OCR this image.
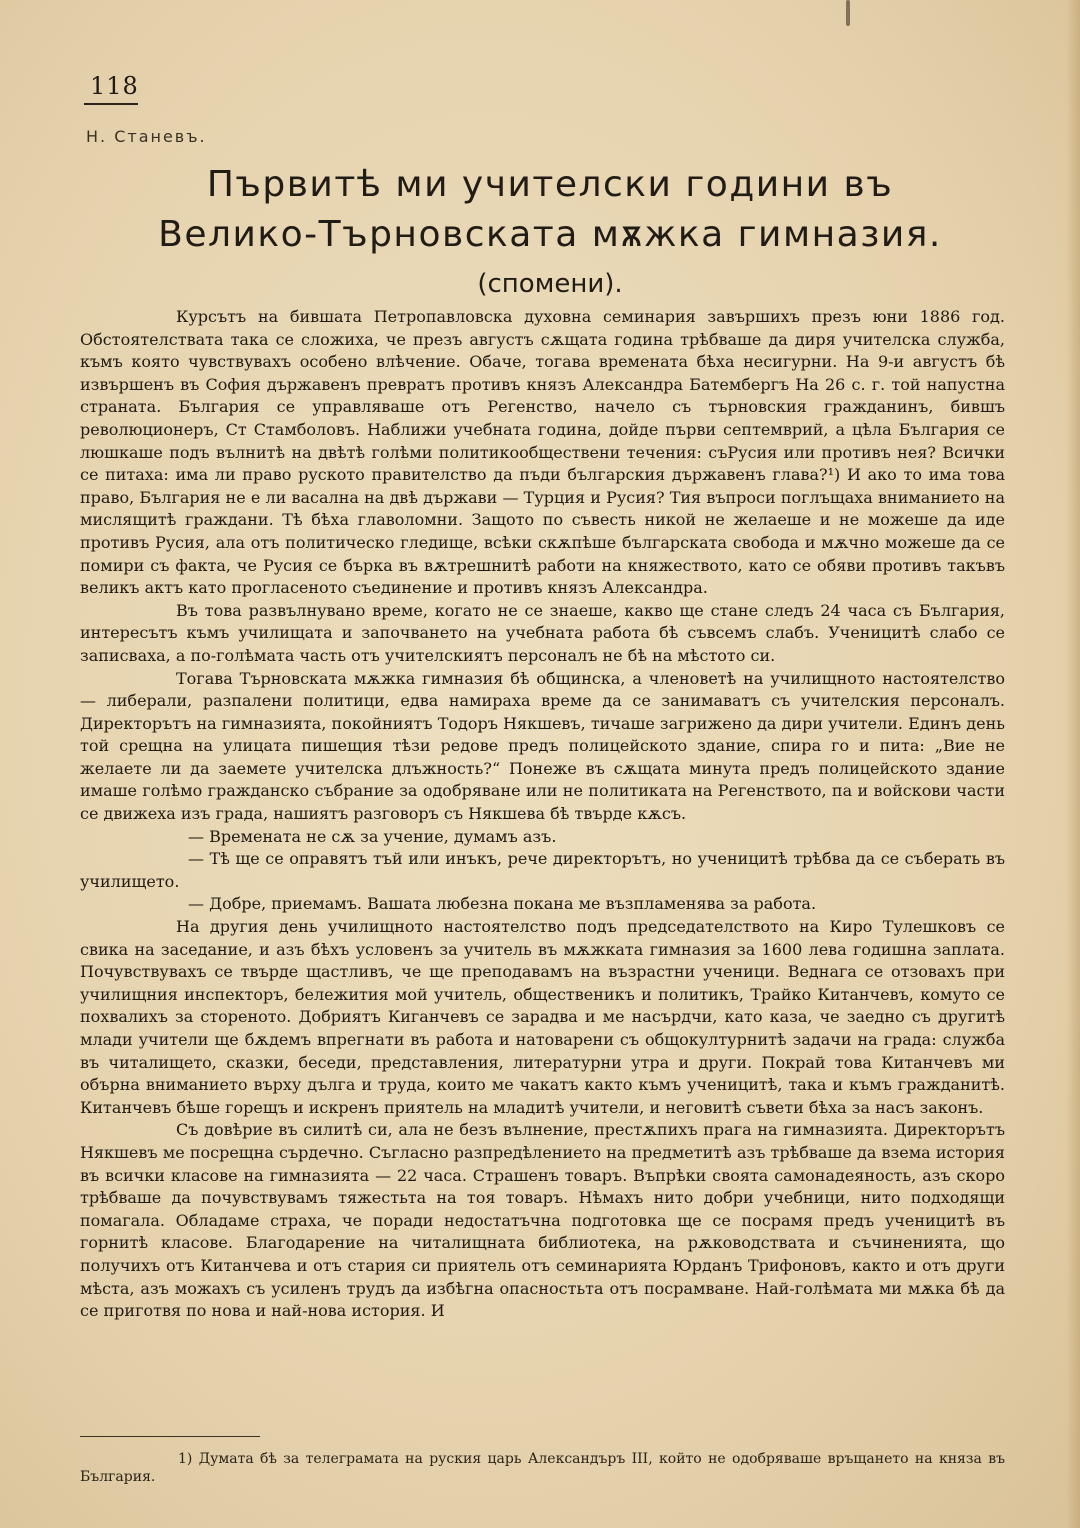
118
Н. Станевъ.
Първитѣ ми учителски години въ
Велико-Търновската мѫжка гимназия.
(спомени).

Курсътъ на бившата Петропавловска духовна семинария завършихъ презъ юни 1886 год. Обстоятелствата така се сложиха, че презъ августъ сѫщата година трѣбваше да диря учителска служба, къмъ която чувствувахъ особено влѣчение. Обаче, тогава времената бѣха несигурни. На 9-и августъ бѣ извършенъ въ София държавенъ превратъ противъ князъ Александра Батембергъ На 26 с. г. той напустна страната. България се управляваше отъ Регенство, начело съ търновския гражданинъ, бившъ революционеръ, Ст Стамболовъ. Наближи учебната година, дойде първи септемврий, а цѣла България се люшкаше подъ вълнитѣ на двѣтѣ голѣми политикообществени течения: съРусия или противъ нея? Всички се питаха: има ли право руското правителство да пъди българския държавенъ глава?¹) И ако то има това право, България не е ли васална на двѣ държави — Турция и Русия? Тия въпроси поглъщаха вниманието на мислящитѣ граждани. Тѣ бѣха главоломни. Защото по съвесть никой не желаеше и не можеше да иде противъ Русия, ала отъ политическо гледище, всѣки скѫпѣше българската свобода и мѫчно можеше да се помири съ факта, че Русия се бърка въ вѫтрешнитѣ работи на княжеството, като се обяви противъ такъвъ великъ актъ като прогласеното съединение и противъ князъ Александра.

Въ това развълнувано време, когато не се знаеше, какво ще стане следъ 24 часа съ България, интересътъ къмъ училищата и започването на учебната работа бѣ съвсемъ слабъ. Ученицитѣ слабо се записваха, а по-голѣмата часть отъ учителскиятъ персоналъ не бѣ на мѣстото си.

Тогава Търновската мѫжка гимназия бѣ общинска, а членоветѣ на училищното настоятелство — либерали, разпалени политици, едва намираха време да се занимаватъ съ учителския персоналъ. Директорътъ на гимназията, покойниятъ Тодоръ Някшевъ, тичаше загрижено да дири учители. Единъ день той срещна на улицата пишещия тѣзи редове предъ полицейското здание, спира го и пита: „Вие не желаете ли да заемете учителска длъжность?“ Понеже въ сѫщата минута предъ полицейското здание имаше голѣмо гражданско събрание за одобряване или не политиката на Регенството, па и войскови части се движеха изъ града, нашиятъ разговоръ съ Някшева бѣ твърде кѫсъ.

— Времената не сѫ за учение, думамъ азъ.

— Тѣ ще се оправятъ тъй или инъкъ, рече директорътъ, но ученицитѣ трѣбва да се съберать въ училището.

— Добре, приемамъ. Вашата любезна покана ме възпламенява за работа.

На другия день училищното настоятелство подъ председателството на Киро Тулешковъ се свика на заседание, и азъ бѣхъ условенъ за учитель въ мѫжката гимназия за 1600 лева годишна заплата. Почувствувахъ се твърде щастливъ, че ще преподавамъ на възрастни ученици. Веднага се отзовахъ при училищния инспекторъ, бележития мой учитель, общественикъ и политикъ, Трайко Китанчевъ, комуто се похвалихъ за стореното. Добриятъ Киганчевъ се зарадва и ме насърдчи, като каза, че заедно съ другитѣ млади учители ще бѫдемъ впрегнати въ работа и натоварени съ общокултурнитѣ задачи на града: служба въ читалището, сказки, беседи, представления, литературни утра и други. Покрай това Китанчевъ ми обърна вниманието върху дълга и труда, които ме чакатъ както къмъ ученицитѣ, така и къмъ гражданитѣ. Китанчевъ бѣше горещъ и искренъ приятель на младитѣ учители, и неговитѣ съвети бѣха за насъ законъ.

Съ довѣрие въ силитѣ си, ала не безъ вълнение, престѫпихъ прага на гимназията. Директорътъ Някшевъ ме посрещна сърдечно. Съгласно разпредѣлението на предметитѣ азъ трѣбваше да взема история въ всички класове на гимназията — 22 часа. Страшенъ товаръ. Въпрѣки своята самонадеяность, азъ скоро трѣбваше да почувствувамъ тяжестьта на тоя товаръ. Нѣмахъ нито добри учебници, нито подходящи помагала. Обладаме страха, че поради недостатъчна подготовка ще се посрамя предъ ученицитѣ въ горнитѣ класове. Благодарение на читалищната библиотека, на рѫководствата и съчиненията, що получихъ отъ Китанчева и отъ стария си приятель отъ семинарията Юрданъ Трифоновъ, както и отъ други мѣста, азъ можахъ съ усиленъ трудъ да избѣгна опасностьта отъ посрамване. Най-голѣмата ми мѫка бѣ да се приготвя по нова и най-нова история. И

1) Думата бѣ за телеграмата на руския царь Александъръ III, който не одобряваше връщането на княза въ България.
